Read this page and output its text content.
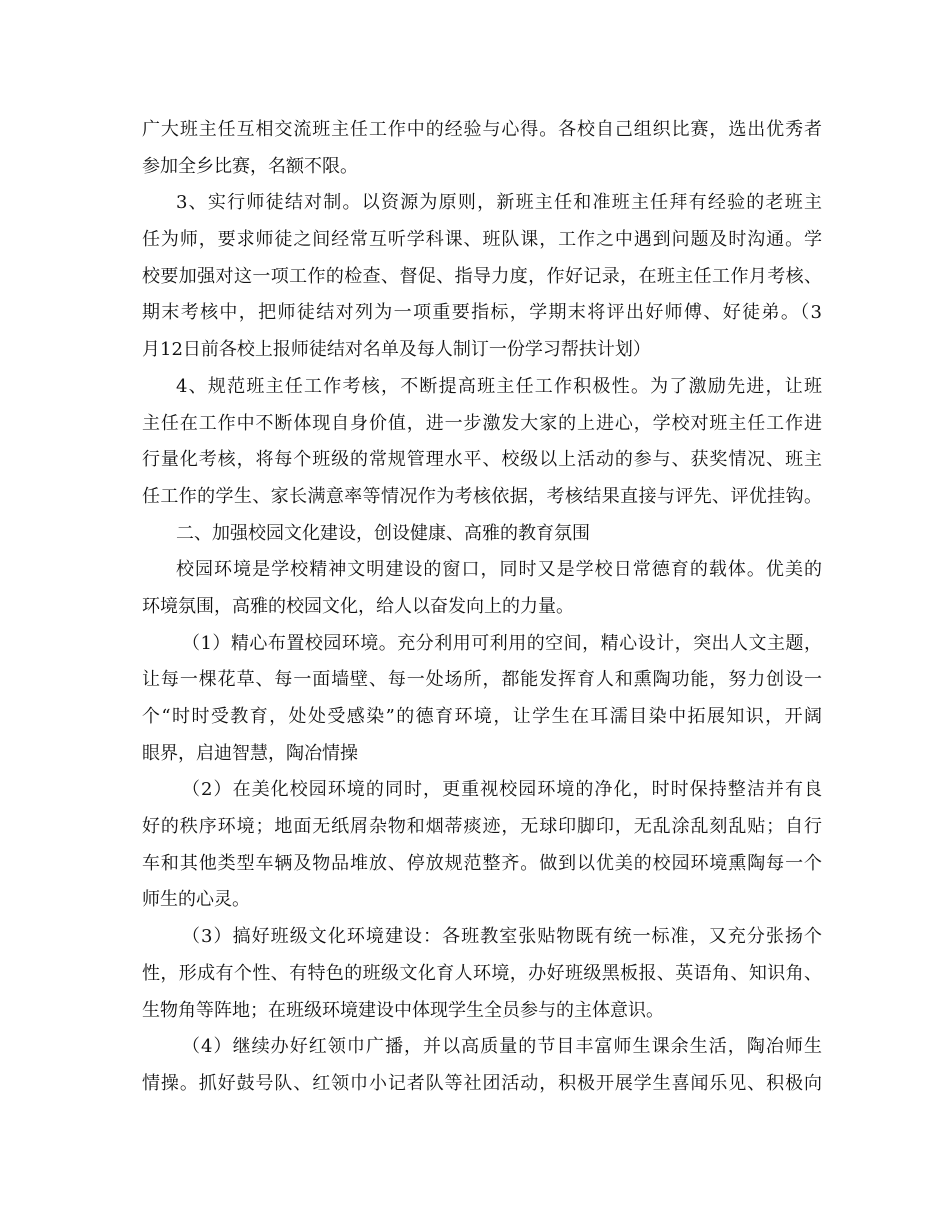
广大班主任互相交流班主任工作中的经验与心得。各校自己组织比赛，选出优秀者
参加全乡比赛，名额不限。
3、实行师徒结对制。以资源为原则，新班主任和准班主任拜有经验的老班主
任为师，要求师徒之间经常互听学科课、班队课，工作之中遇到问题及时沟通。学
校要加强对这一项工作的检查、督促、指导力度，作好记录，在班主任工作月考核、
期末考核中，把师徒结对列为一项重要指标，学期末将评出好师傅、好徒弟。（3
月12日前各校上报师徒结对名单及每人制订一份学习帮扶计划）
4、规范班主任工作考核，不断提高班主任工作积极性。为了激励先进，让班
主任在工作中不断体现自身价值，进一步激发大家的上进心，学校对班主任工作进
行量化考核，将每个班级的常规管理水平、校级以上活动的参与、获奖情况、班主
任工作的学生、家长满意率等情况作为考核依据，考核结果直接与评先、评优挂钩。
二、加强校园文化建设，创设健康、高雅的教育氛围
校园环境是学校精神文明建设的窗口，同时又是学校日常德育的载体。优美的
环境氛围，高雅的校园文化，给人以奋发向上的力量。
（1）精心布置校园环境。充分利用可利用的空间，精心设计，突出人文主题，
让每一棵花草、每一面墙壁、每一处场所，都能发挥育人和熏陶功能，努力创设一
个“时时受教育，处处受感染”的德育环境，让学生在耳濡目染中拓展知识，开阔
眼界，启迪智慧，陶冶情操
（2）在美化校园环境的同时，更重视校园环境的净化，时时保持整洁并有良
好的秩序环境；地面无纸屑杂物和烟蒂痰迹，无球印脚印，无乱涂乱刻乱贴；自行
车和其他类型车辆及物品堆放、停放规范整齐。做到以优美的校园环境熏陶每一个
师生的心灵。
（3）搞好班级文化环境建设：各班教室张贴物既有统一标准，又充分张扬个
性，形成有个性、有特色的班级文化育人环境，办好班级黑板报、英语角、知识角、
生物角等阵地；在班级环境建设中体现学生全员参与的主体意识。
（4）继续办好红领巾广播，并以高质量的节目丰富师生课余生活，陶冶师生
情操。抓好鼓号队、红领巾小记者队等社团活动，积极开展学生喜闻乐见、积极向
